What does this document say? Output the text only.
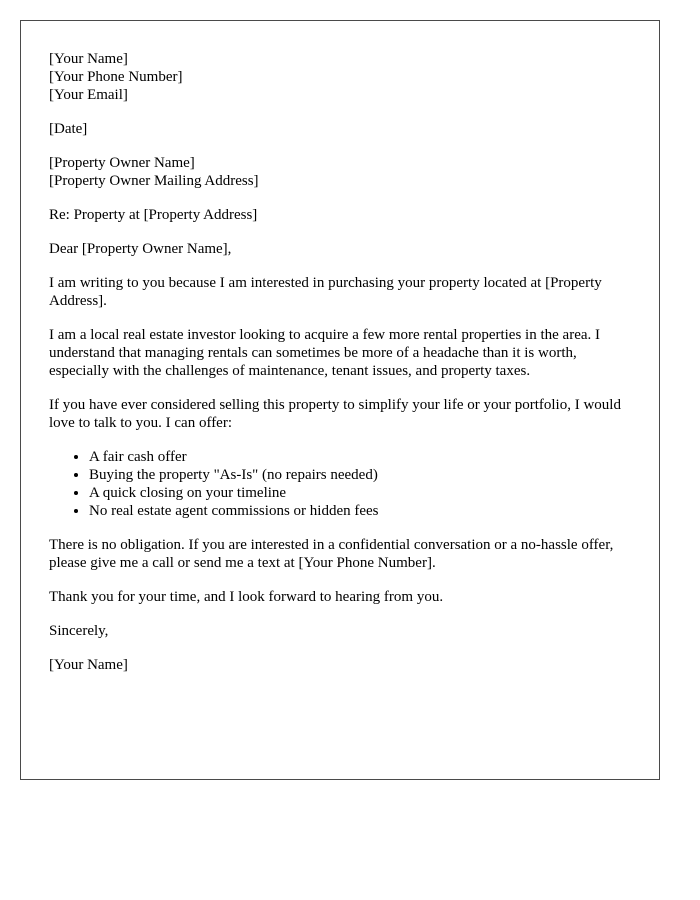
[Your Name]
[Your Phone Number]
[Your Email]
[Date]
[Property Owner Name]
[Property Owner Mailing Address]

Re: Property at [Property Address]

Dear [Property Owner Name],

I am writing to you because I am interested in purchasing your property located at [Property Address].

I am a local real estate investor looking to acquire a few more rental properties in the area. I understand that managing rentals can sometimes be more of a headache than it is worth, especially with the challenges of maintenance, tenant issues, and property taxes.

If you have ever considered selling this property to simplify your life or your portfolio, I would love to talk to you. I can offer:

• A fair cash offer
• Buying the property "As-Is" (no repairs needed)
• A quick closing on your timeline
• No real estate agent commissions or hidden fees

There is no obligation. If you are interested in a confidential conversation or a no-hassle offer, please give me a call or send me a text at [Your Phone Number].

Thank you for your time, and I look forward to hearing from you.

Sincerely,

[Your Name]
